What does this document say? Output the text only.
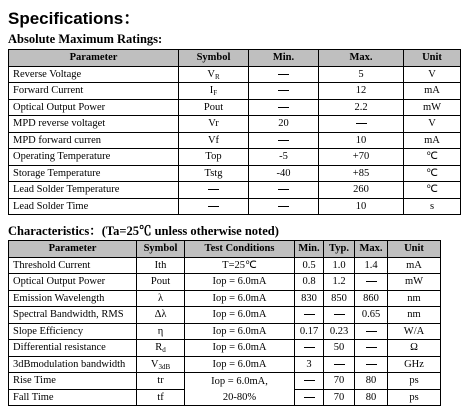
Specifications：
Absolute Maximum Ratings:
Parameter	Symbol	Min.	Max.	Unit
Reverse Voltage	$V_R$		5	V
Forward Current	$I_F$		12	mA
Optical Output Power	Pout		2.2	mW
MPD reverse voltaget	Vr	20		V
MPD forward curren	Vf		10	mA
Operating Temperature	Top	-5	+70	℃
Storage Temperature	Tstg	-40	+85	℃
Lead Solder Temperature			260	℃
Lead Solder Time			10	s
Characteristics：(Ta=25℃ unless otherwise noted)
Parameter	Symbol	Test Conditions	Min.	Typ.	Max.	Unit
Threshold Current	Ith	T=25℃	0.5	1.0	1.4	mA
Optical Output Power	Pout	Iop = 6.0mA	0.8	1.2		mW
Emission Wavelength	λ	Iop = 6.0mA	830	850	860	nm
Spectral Bandwidth, RMS	Δλ	Iop = 6.0mA			0.65	nm
Slope Efficiency	η	Iop = 6.0mA	0.17	0.23		W/A
Differential resistance	$R_d$	Iop = 6.0mA		50		Ω
3dBmodulation bandwidth	$V_{3dB}$	Iop = 6.0mA	3			GHz
Rise Time	tr	Iop = 6.0mA,		70	80	ps
Fall Time	tf	20-80%		70	80	ps
